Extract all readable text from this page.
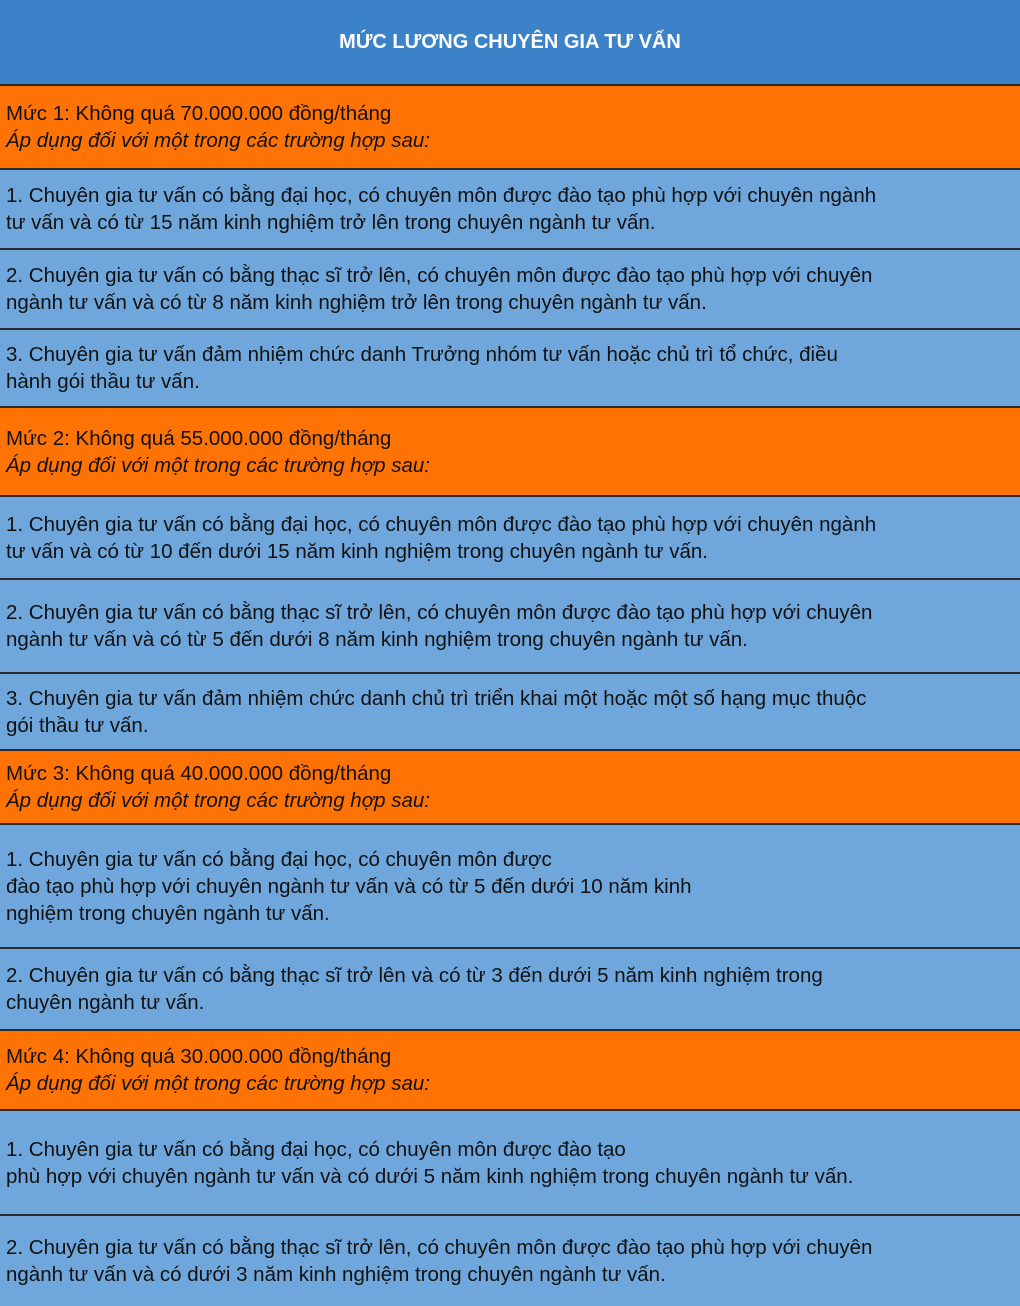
MỨC LƯƠNG CHUYÊN GIA TƯ VẤN
Mức 1: Không quá 70.000.000 đồng/tháng
Áp dụng đối với một trong các trường hợp sau:
1. Chuyên gia tư vấn có bằng đại học, có chuyên môn được đào tạo phù hợp với chuyên ngành
tư vấn và có từ 15 năm kinh nghiệm trở lên trong chuyên ngành tư vấn.
2. Chuyên gia tư vấn có bằng thạc sĩ trở lên, có chuyên môn được đào tạo phù hợp với chuyên
ngành tư vấn và có từ 8 năm kinh nghiệm trở lên trong chuyên ngành tư vấn.
3. Chuyên gia tư vấn đảm nhiệm chức danh Trưởng nhóm tư vấn hoặc chủ trì tổ chức, điều
hành gói thầu tư vấn.
Mức 2: Không quá 55.000.000 đồng/tháng
Áp dụng đối với một trong các trường hợp sau:
1. Chuyên gia tư vấn có bằng đại học, có chuyên môn được đào tạo phù hợp với chuyên ngành
tư vấn và có từ 10 đến dưới 15 năm kinh nghiệm trong chuyên ngành tư vấn.
2. Chuyên gia tư vấn có bằng thạc sĩ trở lên, có chuyên môn được đào tạo phù hợp với chuyên
ngành tư vấn và có từ 5 đến dưới 8 năm kinh nghiệm trong chuyên ngành tư vấn.
3. Chuyên gia tư vấn đảm nhiệm chức danh chủ trì triển khai một hoặc một số hạng mục thuộc
gói thầu tư vấn.
Mức 3: Không quá 40.000.000 đồng/tháng
Áp dụng đối với một trong các trường hợp sau:
1. Chuyên gia tư vấn có bằng đại học, có chuyên môn được
đào tạo phù hợp với chuyên ngành tư vấn và có từ 5 đến dưới 10 năm kinh
nghiệm trong chuyên ngành tư vấn.
2. Chuyên gia tư vấn có bằng thạc sĩ trở lên và có từ 3 đến dưới 5 năm kinh nghiệm trong
chuyên ngành tư vấn.
Mức 4: Không quá 30.000.000 đồng/tháng
Áp dụng đối với một trong các trường hợp sau:
1. Chuyên gia tư vấn có bằng đại học, có chuyên môn được đào tạo
phù hợp với chuyên ngành tư vấn và có dưới 5 năm kinh nghiệm trong chuyên ngành tư vấn.
2. Chuyên gia tư vấn có bằng thạc sĩ trở lên, có chuyên môn được đào tạo phù hợp với chuyên
ngành tư vấn và có dưới 3 năm kinh nghiệm trong chuyên ngành tư vấn.
